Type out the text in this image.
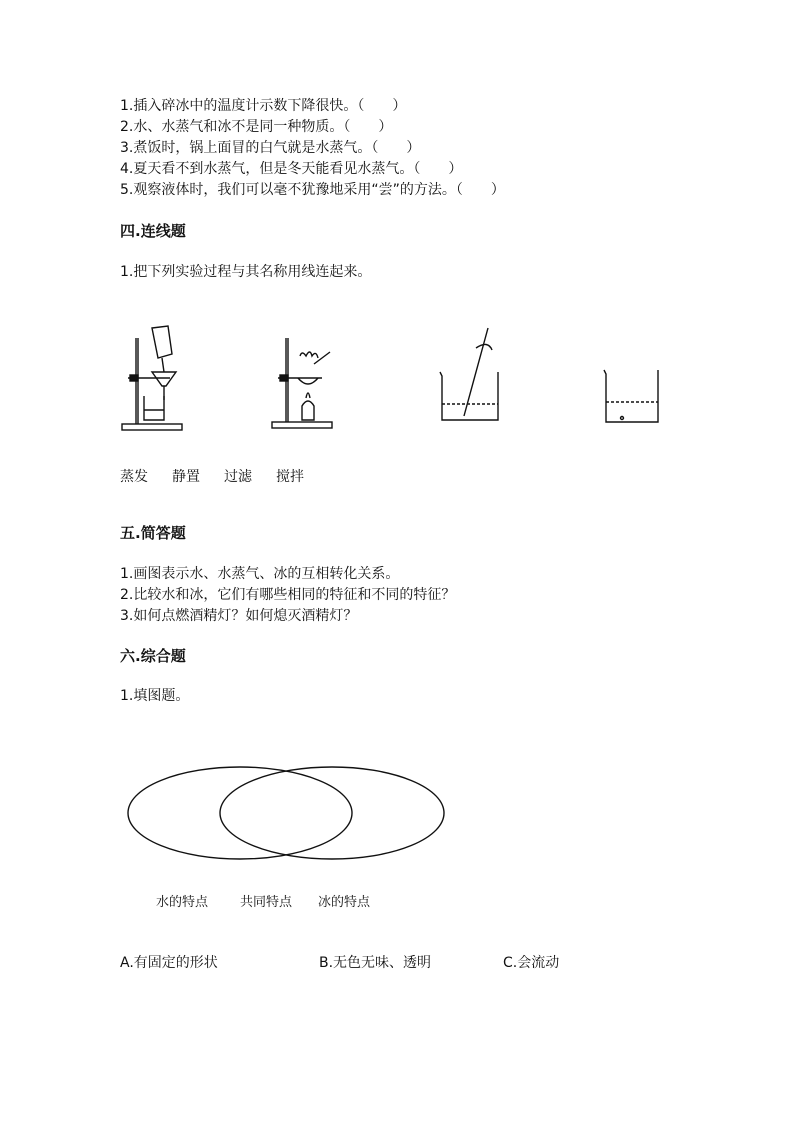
1.插入碎冰中的温度计示数下降很快。（　　）
2.水、水蒸气和冰不是同一种物质。（　　）
3.煮饭时，锅上面冒的白气就是水蒸气。（　　）
4.夏天看不到水蒸气，但是冬天能看见水蒸气。（　　）
5.观察液体时，我们可以毫不犹豫地采用“尝”的方法。（　　）
四.连线题
1.把下列实验过程与其名称用线连起来。
蒸发 静置 过滤 搅拌
五.简答题
1.画图表示水、水蒸气、冰的互相转化关系。
2.比较水和冰，它们有哪些相同的特征和不同的特征？
3.如何点燃酒精灯？如何熄灭酒精灯？
六.综合题
1.填图题。
水的特点 共同特点 冰的特点
A.有固定的形状	B.无色无味、透明	C.会流动
